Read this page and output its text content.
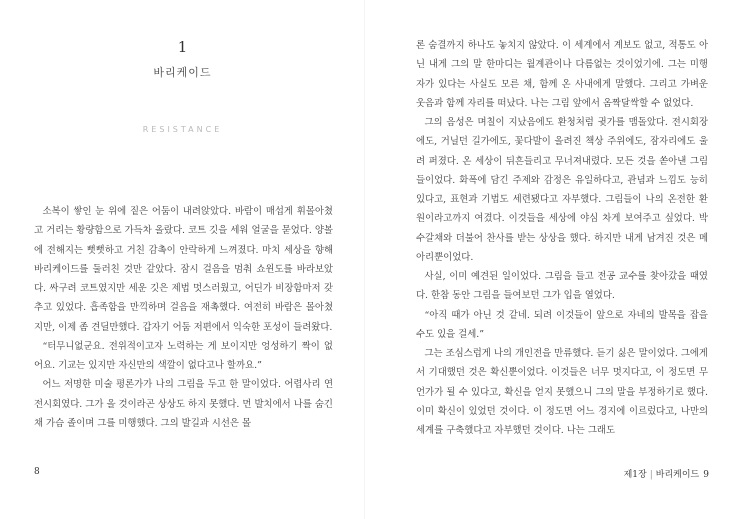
1
바리케이드
RESISTANCE

소복이 쌓인 눈 위에 짙은 어둠이 내려앉았다. 바람이 매섭게 휘몰아쳤고 거리는 황량함으로 가득차 올랐다. 코트 깃을 세워 얼굴을 묻었다. 양볼에 전해지는 뻣뻣하고 거친 감촉이 안락하게 느껴졌다. 마치 세상을 향해 바리케이드를 둘러친 것만 같았다. 잠시 걸음을 멈춰 쇼윈도를 바라보았다. 싸구려 코트였지만 세운 깃은 제법 멋스러웠고, 어딘가 비장함마저 갖추고 있었다. 흡족함을 만끽하며 걸음을 재촉했다. 여전히 바람은 몰아쳤지만, 이제 좀 견딜만했다. 갑자기 어둠 저편에서 익숙한 포성이 들려왔다.

“터무니없군요. 전위적이고자 노력하는 게 보이지만 엉성하기 짝이 없어요. 기교는 있지만 자신만의 색깔이 없다고나 할까요.”

어느 저명한 미술 평론가가 나의 그림을 두고 한 말이었다. 어렵사리 연 전시회였다. 그가 올 것이라곤 상상도 하지 못했다. 먼 발치에서 나를 숨긴 채 가슴 졸이며 그를 미행했다. 그의 발길과 시선은 몰

8

론 숨결까지 하나도 놓치지 않았다. 이 세계에서 계보도 없고, 적통도 아닌 내게 그의 말 한마디는 월계관이나 다름없는 것이었기에. 그는 미행자가 있다는 사실도 모른 채, 함께 온 사내에게 말했다. 그리고 가벼운 웃음과 함께 자리를 떠났다. 나는 그림 앞에서 옴짝달싹할 수 없었다.

그의 음성은 며칠이 지났음에도 환청처럼 귓가를 맴돌았다. 전시회장에도, 거닐던 길가에도, 꽃다발이 올려진 책상 주위에도, 잠자리에도 울려 퍼졌다. 온 세상이 뒤흔들리고 무너져내렸다. 모든 것을 쏟아낸 그림들이었다. 화폭에 담긴 주제와 감정은 유일하다고, 관념과 느낌도 능히 있다고, 표현과 기법도 세련됐다고 자부했다. 그림들이 나의 온전한 환원이라고까지 여겼다. 이것들을 세상에 야심 차게 보여주고 싶었다. 박수갈채와 더불어 찬사를 받는 상상을 했다. 하지만 내게 남겨진 것은 메아리뿐이었다.

사실, 이미 예견된 일이었다. 그림을 들고 전공 교수를 찾아갔을 때였다. 한참 동안 그림을 들여보던 그가 입을 열었다.

“아직 때가 아닌 것 같네. 되려 이것들이 앞으로 자네의 발목을 잡을 수도 있을 걸세.”

그는 조심스럽게 나의 개인전을 만류했다. 듣기 싫은 말이었다. 그에게서 기대했던 것은 확신뿐이었다. 이것들은 너무 멋지다고, 이 정도면 무언가가 될 수 있다고, 확신을 얻지 못했으니 그의 말을 부정하기로 했다. 이미 확신이 있었던 것이다. 이 정도면 어느 경지에 이르렀다고, 나만의 세계를 구축했다고 자부했던 것이다. 나는 그래도

제1장 | 바리케이드 9
